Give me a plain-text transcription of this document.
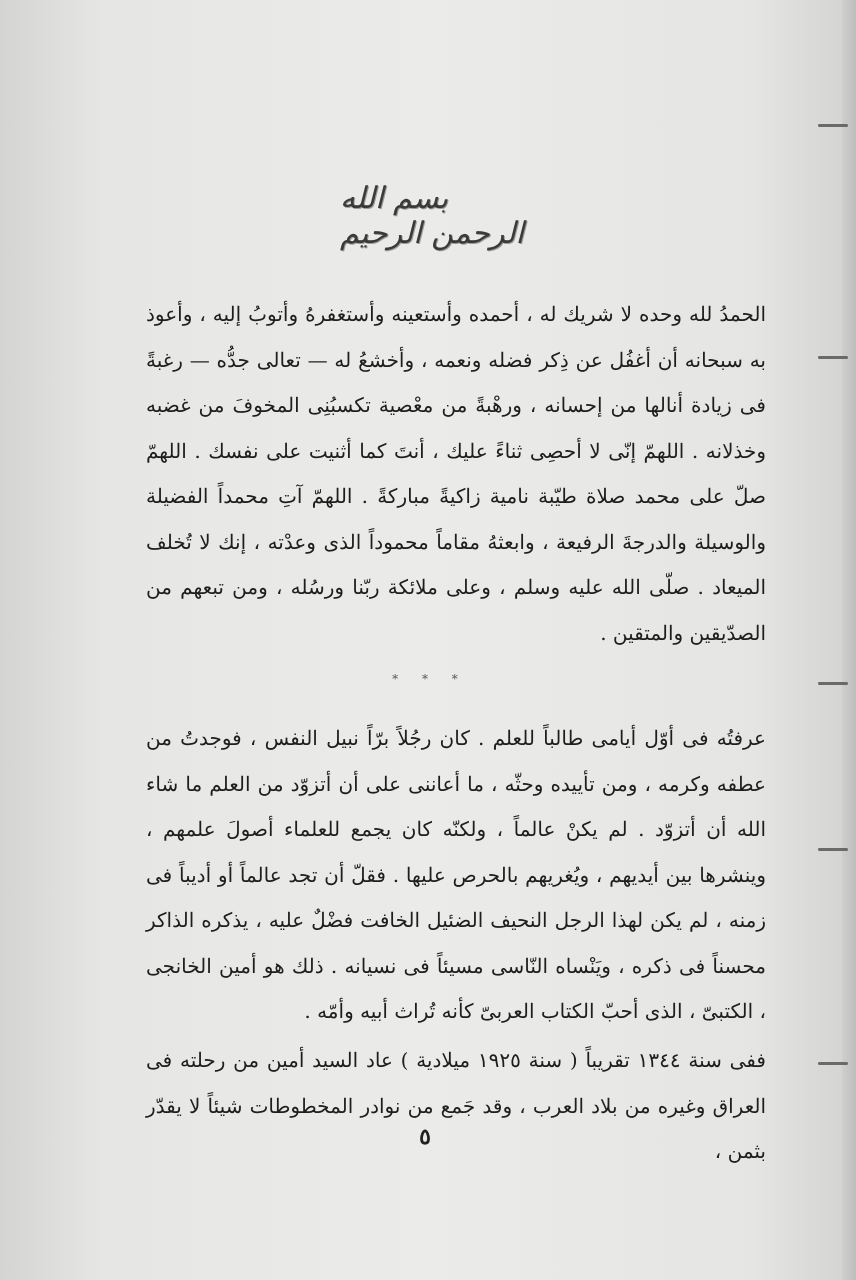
بسم الله الرحمن الرحيم

الحمدُ لله وحده لا شريك له ، أحمده وأستعينه وأستغفرهُ وأتوبُ إليه ، وأعوذ به سبحانه أن أغفُل عن ذِكر فضله ونعمه ، وأخشعُ له — تعالى جدُّه — رغبةً فى زيادة أنالها من إحسانه ، ورهْبةً من معْصية تكسبُنِى المخوفَ من غضبه وخذلانه . اللهمّ إنّى لا أحصِى ثناءً عليك ، أنتَ كما أثنيت على نفسك . اللهمّ صلّ على محمد صلاة طيّبة نامية زاكيةً مباركةً . اللهمّ آتِ محمداً الفضيلة والوسيلة والدرجةَ الرفيعة ، وابعثهُ مقاماً محموداً الذى وعدْته ، إنك لا تُخلف الميعاد . صلّى الله عليه وسلم ، وعلى ملائكة ربّنا ورسُله ، ومن تبعهم من الصدّيقين والمتقين .

* * *

عرفتُه فى أوّل أيامى طالباً للعلم . كان رجُلاً برّاً نبيل النفس ، فوجدتُ من عطفه وكرمه ، ومن تأييده وحثّه ، ما أعاننى على أن أتزوّد من العلم ما شاء الله أن أتزوّد . لم يكنْ عالماً ، ولكنّه كان يجمع للعلماء أصولَ علمهم ، وينشرها بين أيديهم ، ويُغريهم بالحرص عليها . فقلّ أن تجد عالماً أو أديباً فى زمنه ، لم يكن لهذا الرجل النحيف الضئيل الخافت فضْلٌ عليه ، يذكره الذاكر محسناً فى ذكره ، ويَنْساه النّاسى مسيئاً فى نسيانه . ذلك هو أمين الخانجى ، الكتبىّ ، الذى أحبّ الكتاب العربىّ كأنه تُراث أبيه وأمّه .

ففى سنة ١٣٤٤ تقريباً ( سنة ١٩٢٥ ميلادية ) عاد السيد أمين من رحلته فى العراق وغيره من بلاد العرب ، وقد جَمع من نوادر المخطوطات شيئاً لا يقدّر بثمن ،

٥
